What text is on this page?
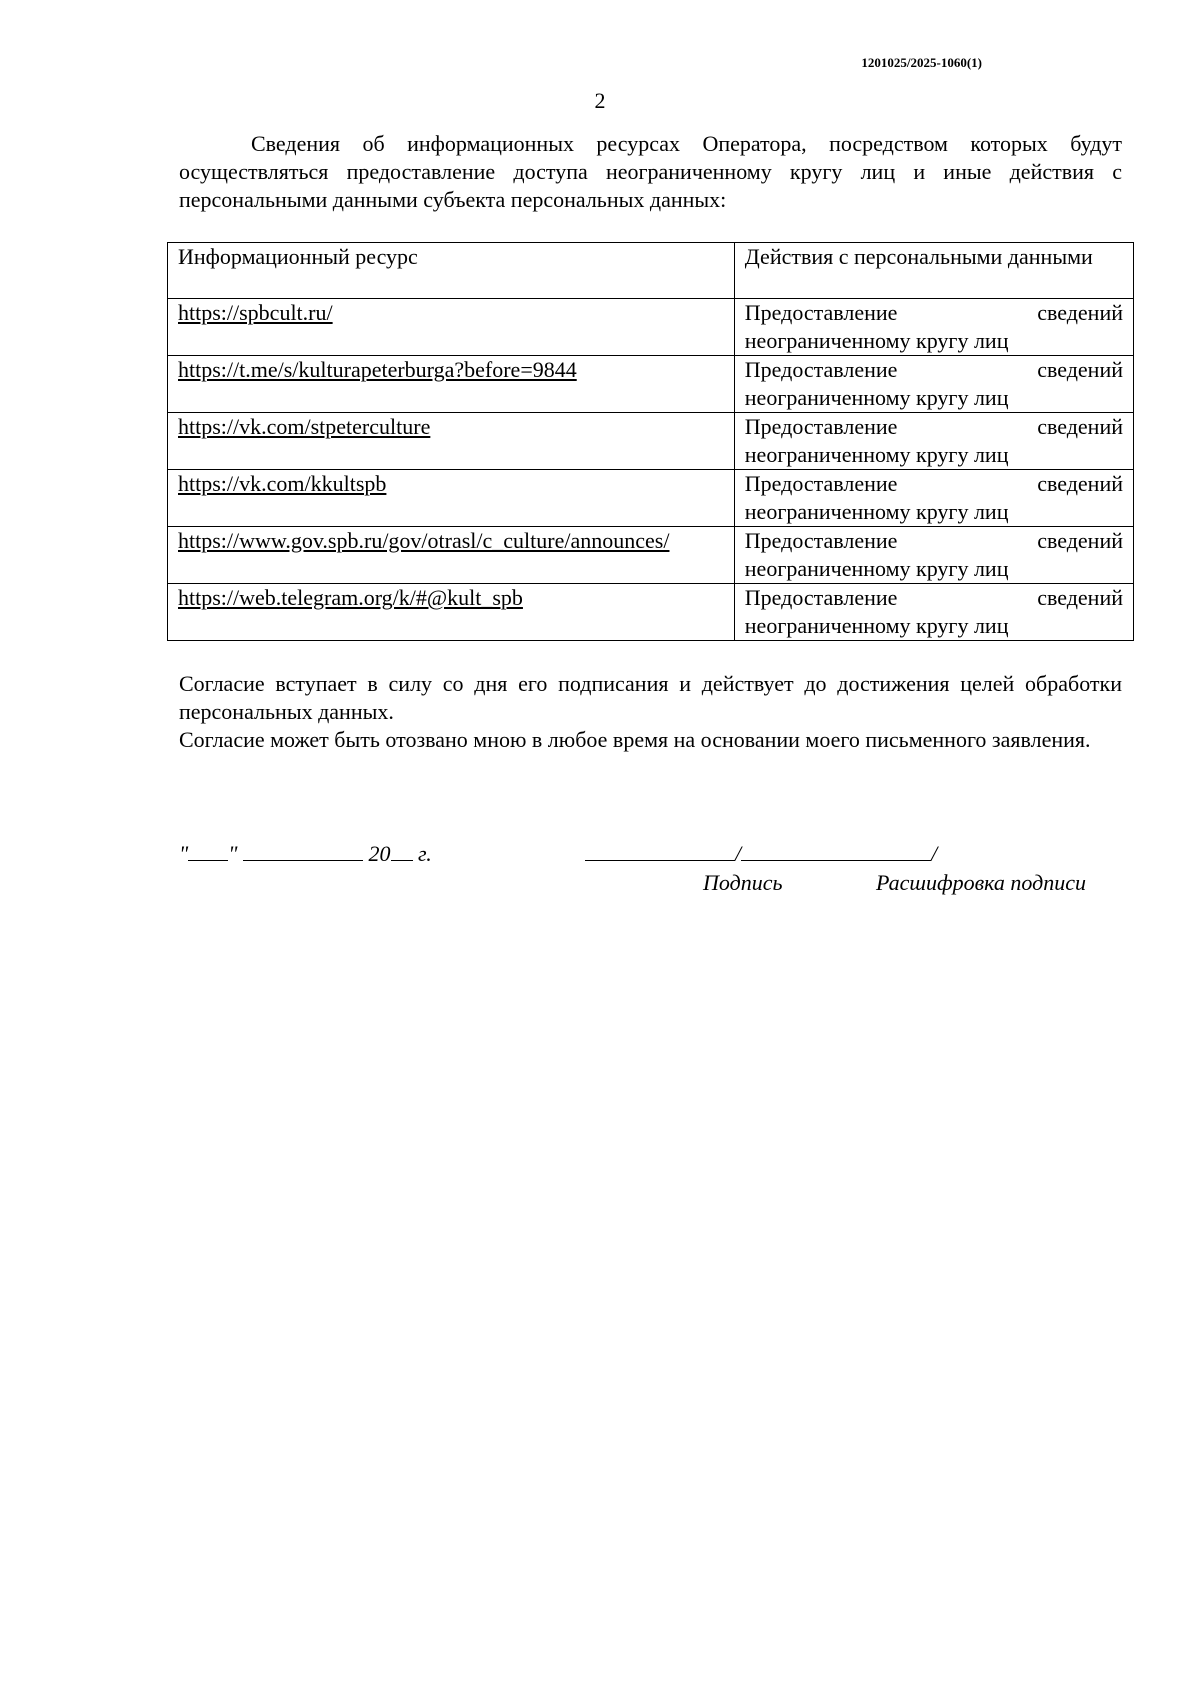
1201025/2025-1060(1)
2
Сведения об информационных ресурсах Оператора, посредством которых будут осуществляться предоставление доступа неограниченному кругу лиц и иные действия с персональными данными субъекта персональных данных:
Информационный ресурс	Действия с персональными данными
https://spbcult.ru/	Предоставление сведений неограниченному кругу лиц
https://t.me/s/kulturapeterburga?before=9844	Предоставление сведений неограниченному кругу лиц
https://vk.com/stpeterculture	Предоставление сведений неограниченному кругу лиц
https://vk.com/kkultspb	Предоставление сведений неограниченному кругу лиц
https://www.gov.spb.ru/gov/otrasl/c_culture/announces/	Предоставление сведений неограниченному кругу лиц
https://web.telegram.org/k/#@kult_spb	Предоставление сведений неограниченному кругу лиц

Согласие вступает в силу со дня его подписания и действует до достижения целей обработки персональных данных.

Согласие может быть отозвано мною в любое время на основании моего письменного заявления.

" "	20 г.	/	/
Подпись	Расшифровка подписи
